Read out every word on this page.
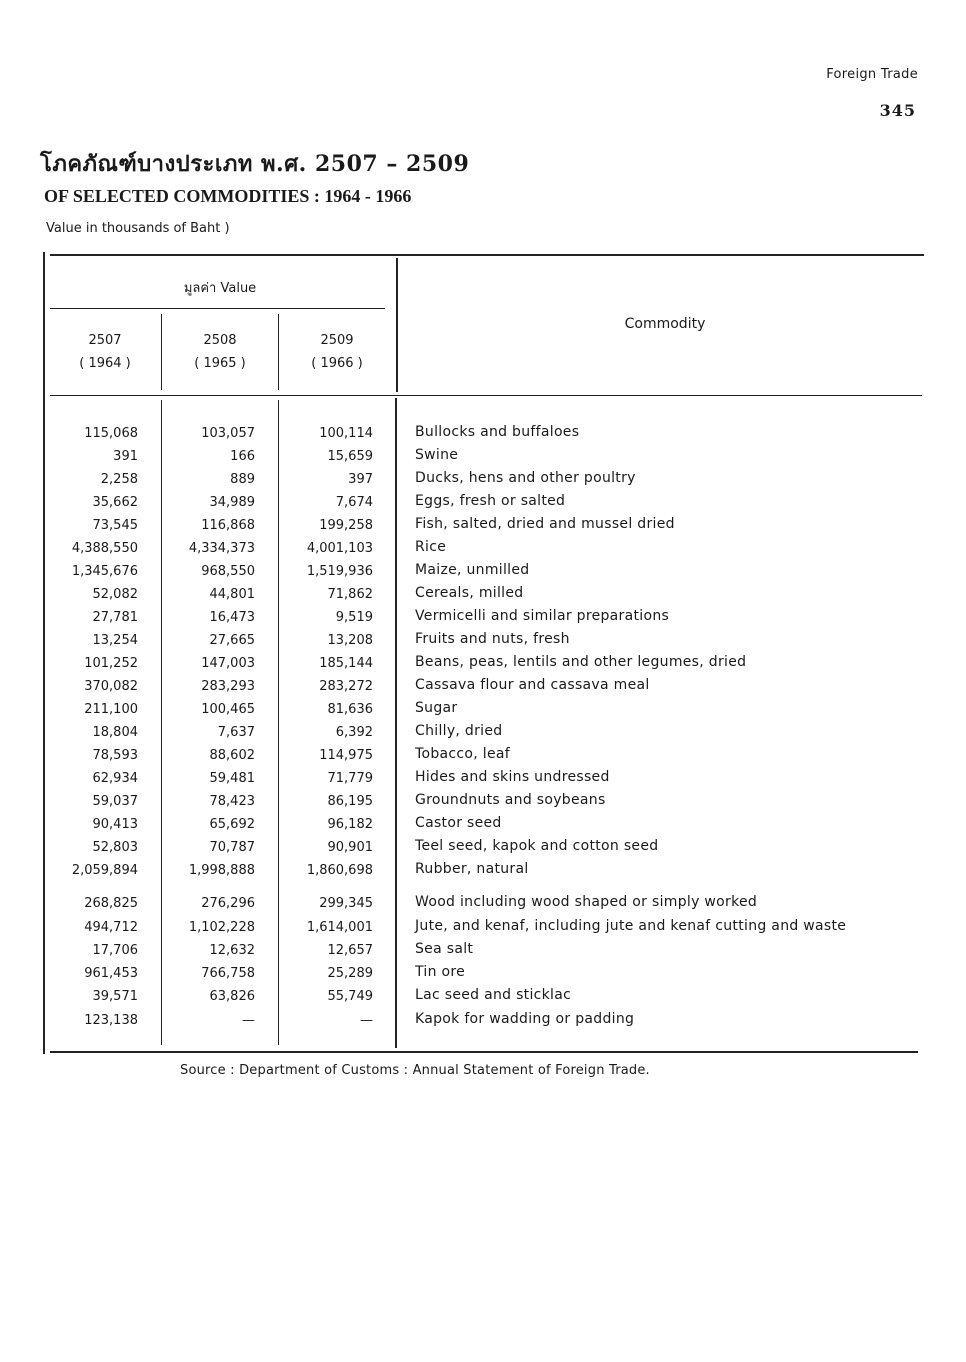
Foreign Trade
345
โภคภัณฑ์บางประเภท พ.ศ. 2507 – 2509
OF SELECTED COMMODITIES : 1964 - 1966
Value in thousands of Baht )
มูลค่า Value
2507
( 1964 )
2508
( 1965 )
2509
( 1966 )
Commodity
115,068	103,057	100,114	Bullocks and buffaloes
391	166	15,659	Swine
2,258	889	397	Ducks, hens and other poultry
35,662	34,989	7,674	Eggs, fresh or salted
73,545	116,868	199,258	Fish, salted, dried and mussel dried
4,388,550	4,334,373	4,001,103	Rice
1,345,676	968,550	1,519,936	Maize, unmilled
52,082	44,801	71,862	Cereals, milled
27,781	16,473	9,519	Vermicelli and similar preparations
13,254	27,665	13,208	Fruits and nuts, fresh
101,252	147,003	185,144	Beans, peas, lentils and other legumes, dried
370,082	283,293	283,272	Cassava flour and cassava meal
211,100	100,465	81,636	Sugar
18,804	7,637	6,392	Chilly, dried
78,593	88,602	114,975	Tobacco, leaf
62,934	59,481	71,779	Hides and skins undressed
59,037	78,423	86,195	Groundnuts and soybeans
90,413	65,692	96,182	Castor seed
52,803	70,787	90,901	Teel seed, kapok and cotton seed
2,059,894	1,998,888	1,860,698	Rubber, natural
268,825	276,296	299,345	Wood including wood shaped or simply worked
494,712	1,102,228	1,614,001	Jute, and kenaf, including jute and kenaf cutting and waste
17,706	12,632	12,657	Sea salt
961,453	766,758	25,289	Tin ore
39,571	63,826	55,749	Lac seed and sticklac
123,138	—	—	Kapok for wadding or padding
Source : Department of Customs : Annual Statement of Foreign Trade.
